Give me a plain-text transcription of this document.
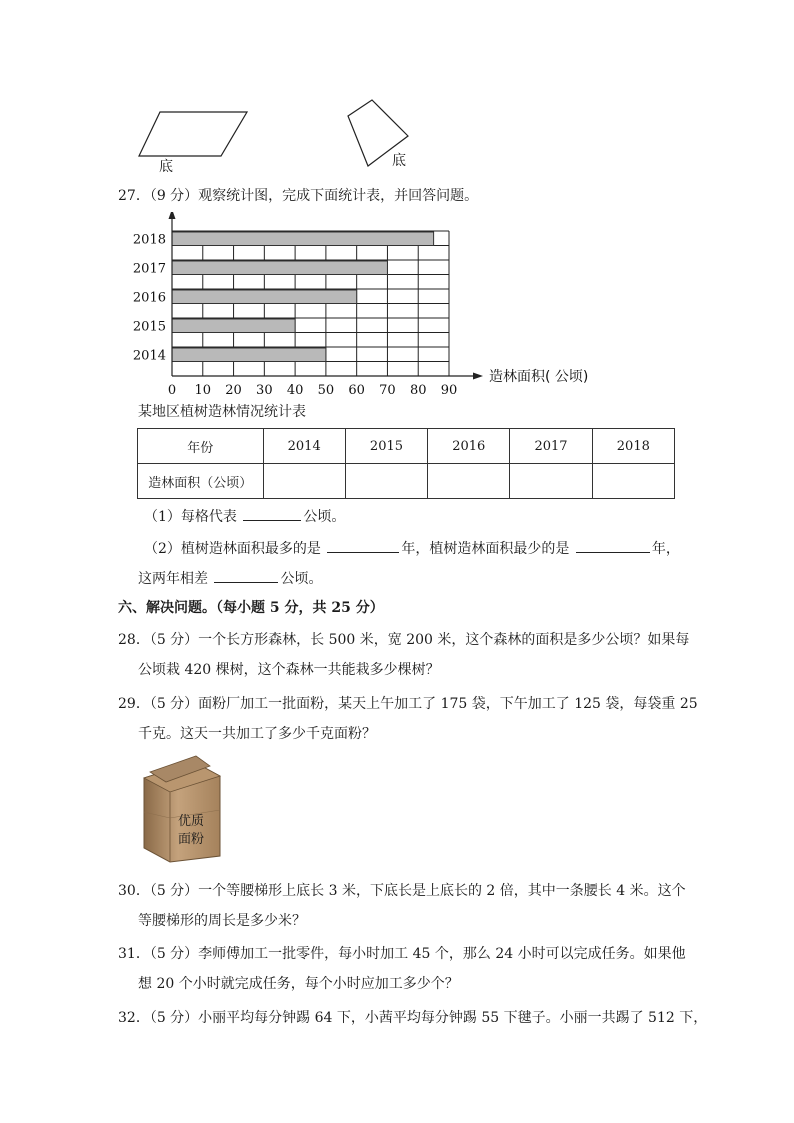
底	底
27．（9 分）观察统计图，完成下面统计表，并回答问题。
2018
2017
2016
2015
2014
造林面积( 公顷)
0 10 20 30 40 50 60 70 80 90
某地区植树造林情况统计表
年份	2014	2015	2016	2017	2018
造林面积（公顷）					
（1）每格代表	公顷。
（2）植树造林面积最多的是	年，植树造林面积最少的是	年，
这两年相差	公顷。
六、解决问题。（每小题 5 分，共 25 分）
28．（5 分）一个长方形森林，长 500 米，宽 200 米，这个森林的面积是多少公顷？如果每
公顷栽 420 棵树，这个森林一共能栽多少棵树？
29．（5 分）面粉厂加工一批面粉，某天上午加工了 175 袋，下午加工了 125 袋，每袋重 25
千克。这天一共加工了多少千克面粉？
优质
面粉
30．（5 分）一个等腰梯形上底长 3 米，下底长是上底长的 2 倍，其中一条腰长 4 米。这个
等腰梯形的周长是多少米？
31．（5 分）李师傅加工一批零件，每小时加工 45 个，那么 24 小时可以完成任务。如果他
想 20 个小时就完成任务，每个小时应加工多少个？
32．（5 分）小丽平均每分钟踢 64 下，小茜平均每分钟踢 55 下毽子。小丽一共踢了 512 下，
